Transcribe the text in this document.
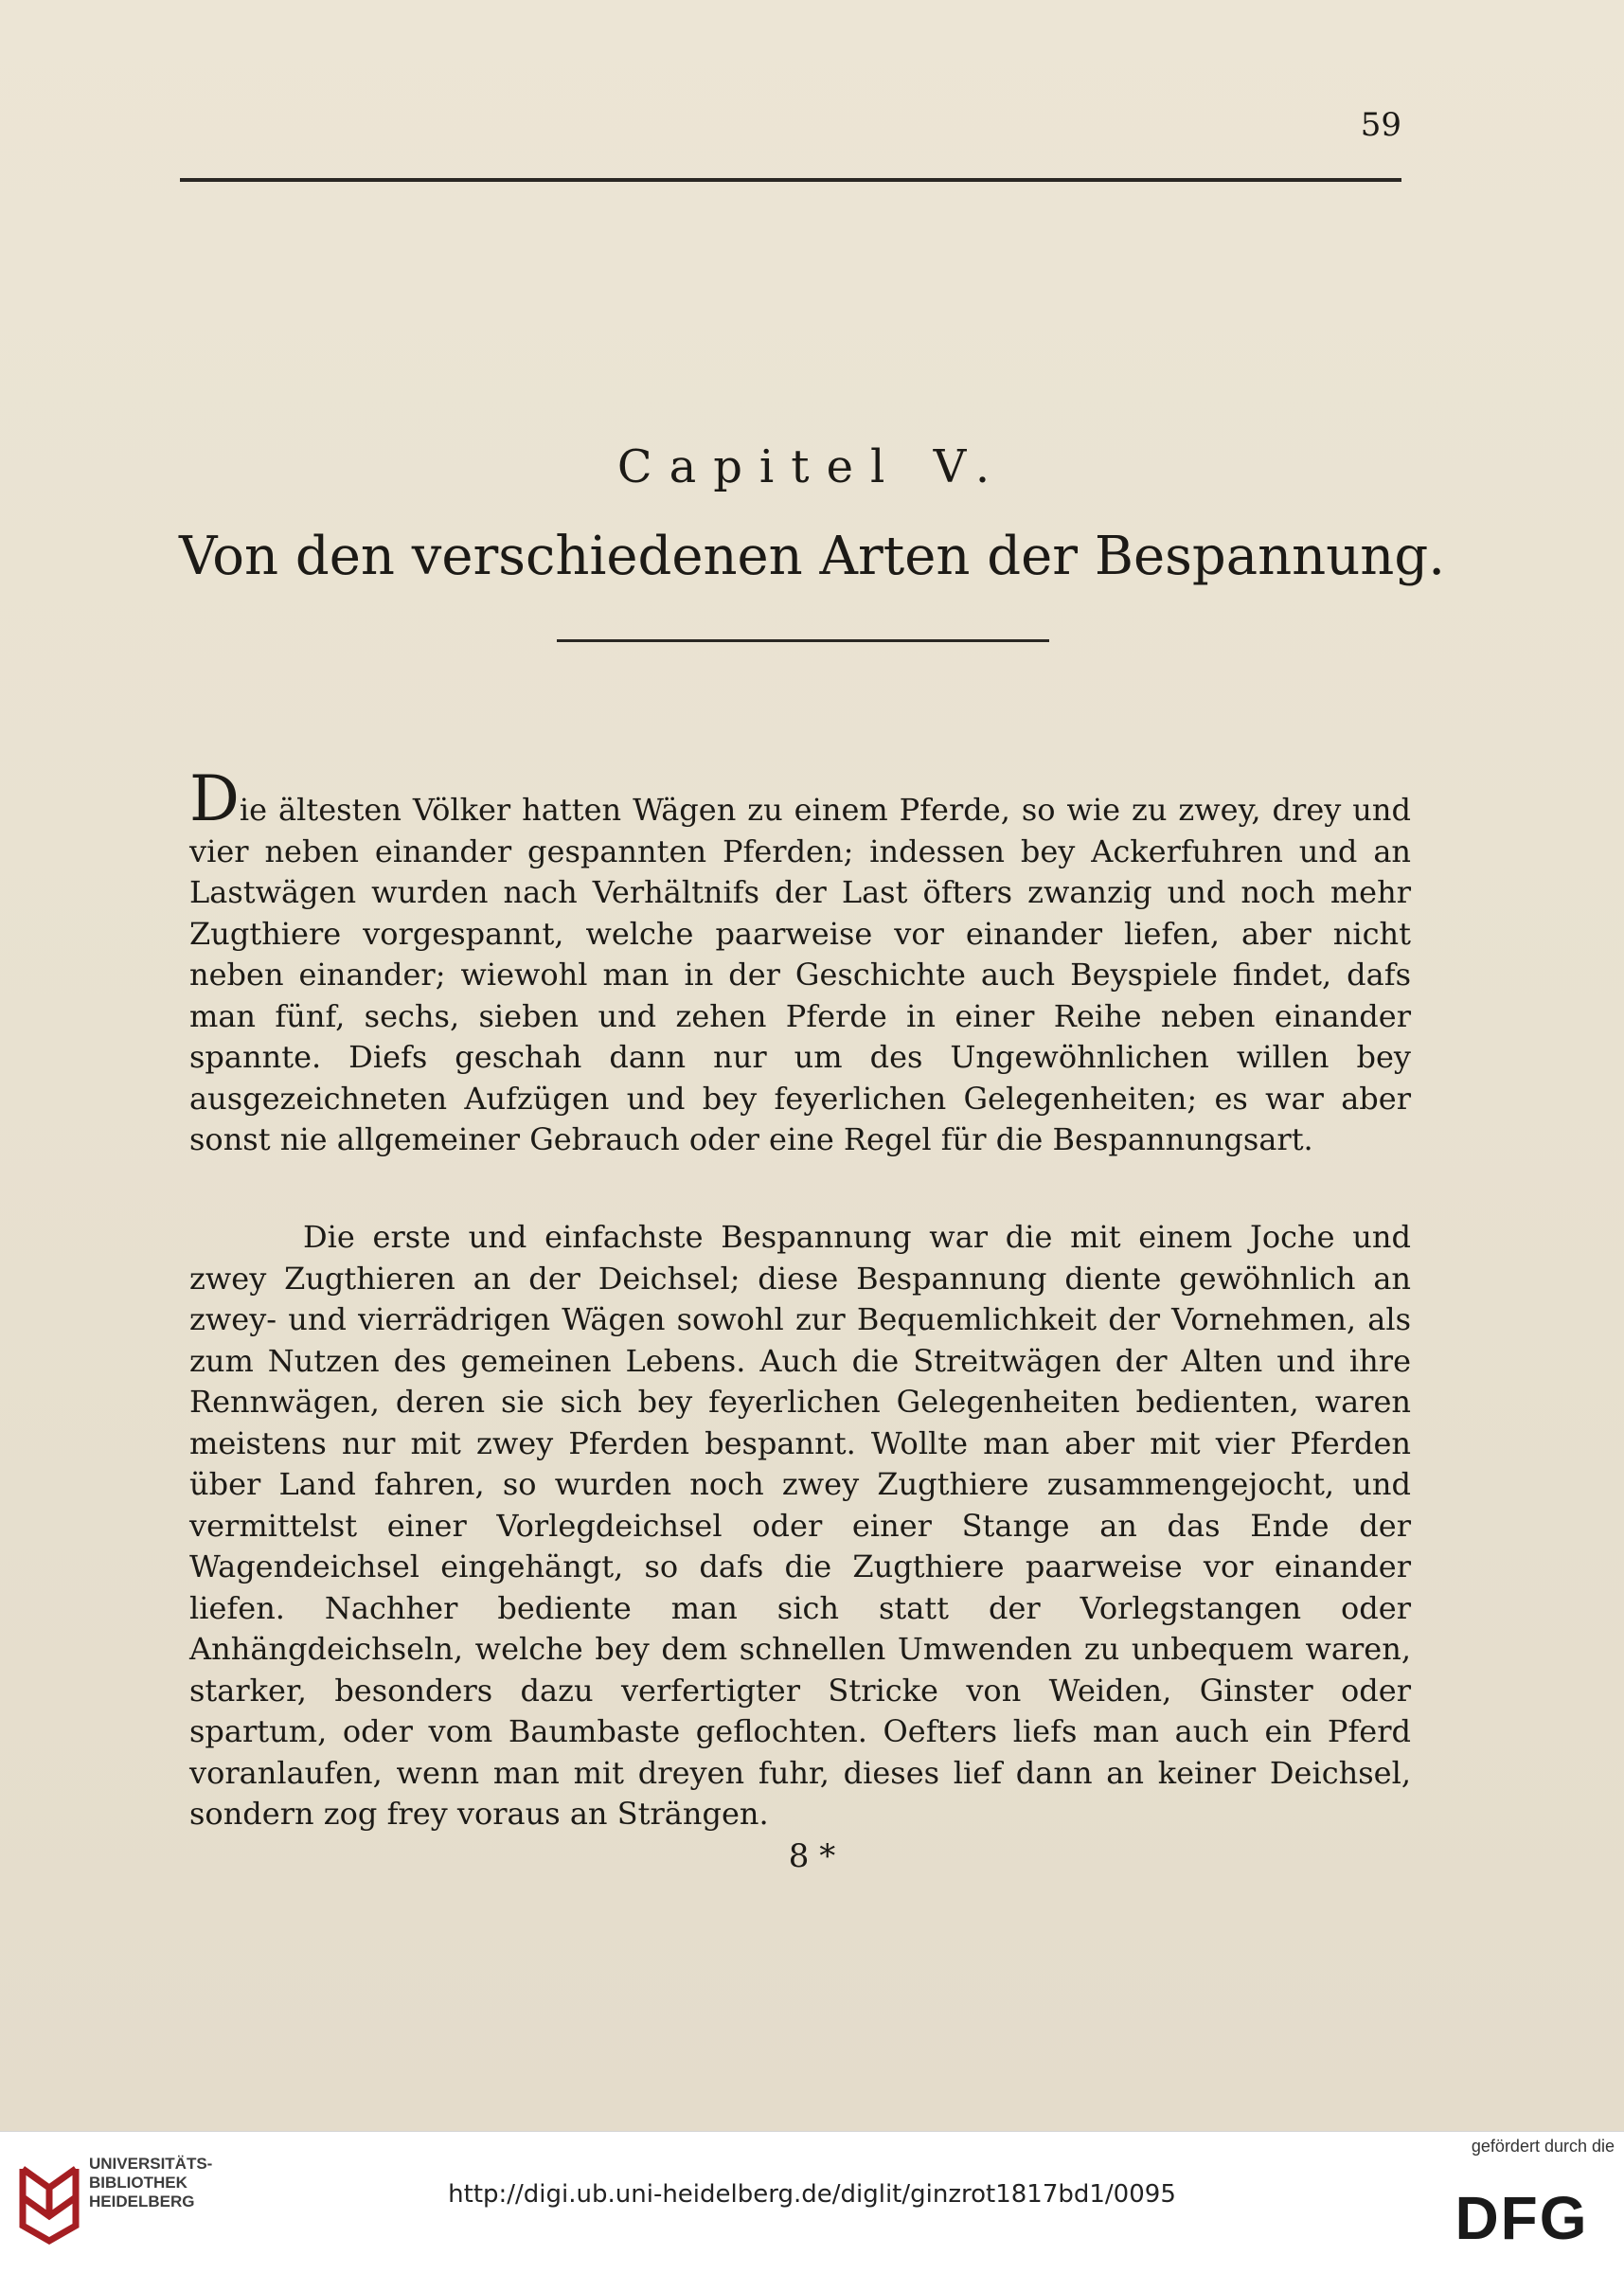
59
Capitel V.
Von den verschiedenen Arten der Bespannung.

Die ältesten Völker hatten Wägen zu einem Pferde, so wie zu zwey, drey und vier neben einander gespannten Pferden; indessen bey Ackerfuhren und an Lastwägen wurden nach Verhältnifs der Last öfters zwanzig und noch mehr Zugthiere vorgespannt, welche paarweise vor einander liefen, aber nicht neben einander; wiewohl man in der Geschichte auch Beyspiele findet, dafs man fünf, sechs, sieben und zehen Pferde in einer Reihe neben einander spannte. Diefs geschah dann nur um des Ungewöhnlichen willen bey ausgezeichneten Aufzügen und bey feyerlichen Gelegenheiten; es war aber sonst nie allgemeiner Gebrauch oder eine Regel für die Bespannungsart.

Die erste und einfachste Bespannung war die mit einem Joche und zwey Zugthieren an der Deichsel; diese Bespannung diente gewöhnlich an zwey- und vierrädrigen Wägen sowohl zur Bequemlichkeit der Vornehmen, als zum Nutzen des gemeinen Lebens. Auch die Streitwägen der Alten und ihre Rennwägen, deren sie sich bey feyerlichen Gelegenheiten bedienten, waren meistens nur mit zwey Pferden bespannt. Wollte man aber mit vier Pferden über Land fahren, so wurden noch zwey Zugthiere zusammengejocht, und vermittelst einer Vorlegdeichsel oder einer Stange an das Ende der Wagendeichsel eingehängt, so dafs die Zugthiere paarweise vor einander liefen. Nachher bediente man sich statt der Vorlegstangen oder Anhängdeichseln, welche bey dem schnellen Umwenden zu unbequem waren, starker, besonders dazu verfertigter Stricke von Weiden, Ginster oder spartum, oder vom Baumbaste geflochten. Oefters liefs man auch ein Pferd voranlaufen, wenn man mit dreyen fuhr, dieses lief dann an keiner Deichsel, sondern zog frey voraus an Strängen.

8 *
UNIVERSITÄTS-
BIBLIOTHEK
HEIDELBERG	http://digi.ub.uni-heidelberg.de/diglit/ginzrot1817bd1/0095
gefördert durch die
DFG
